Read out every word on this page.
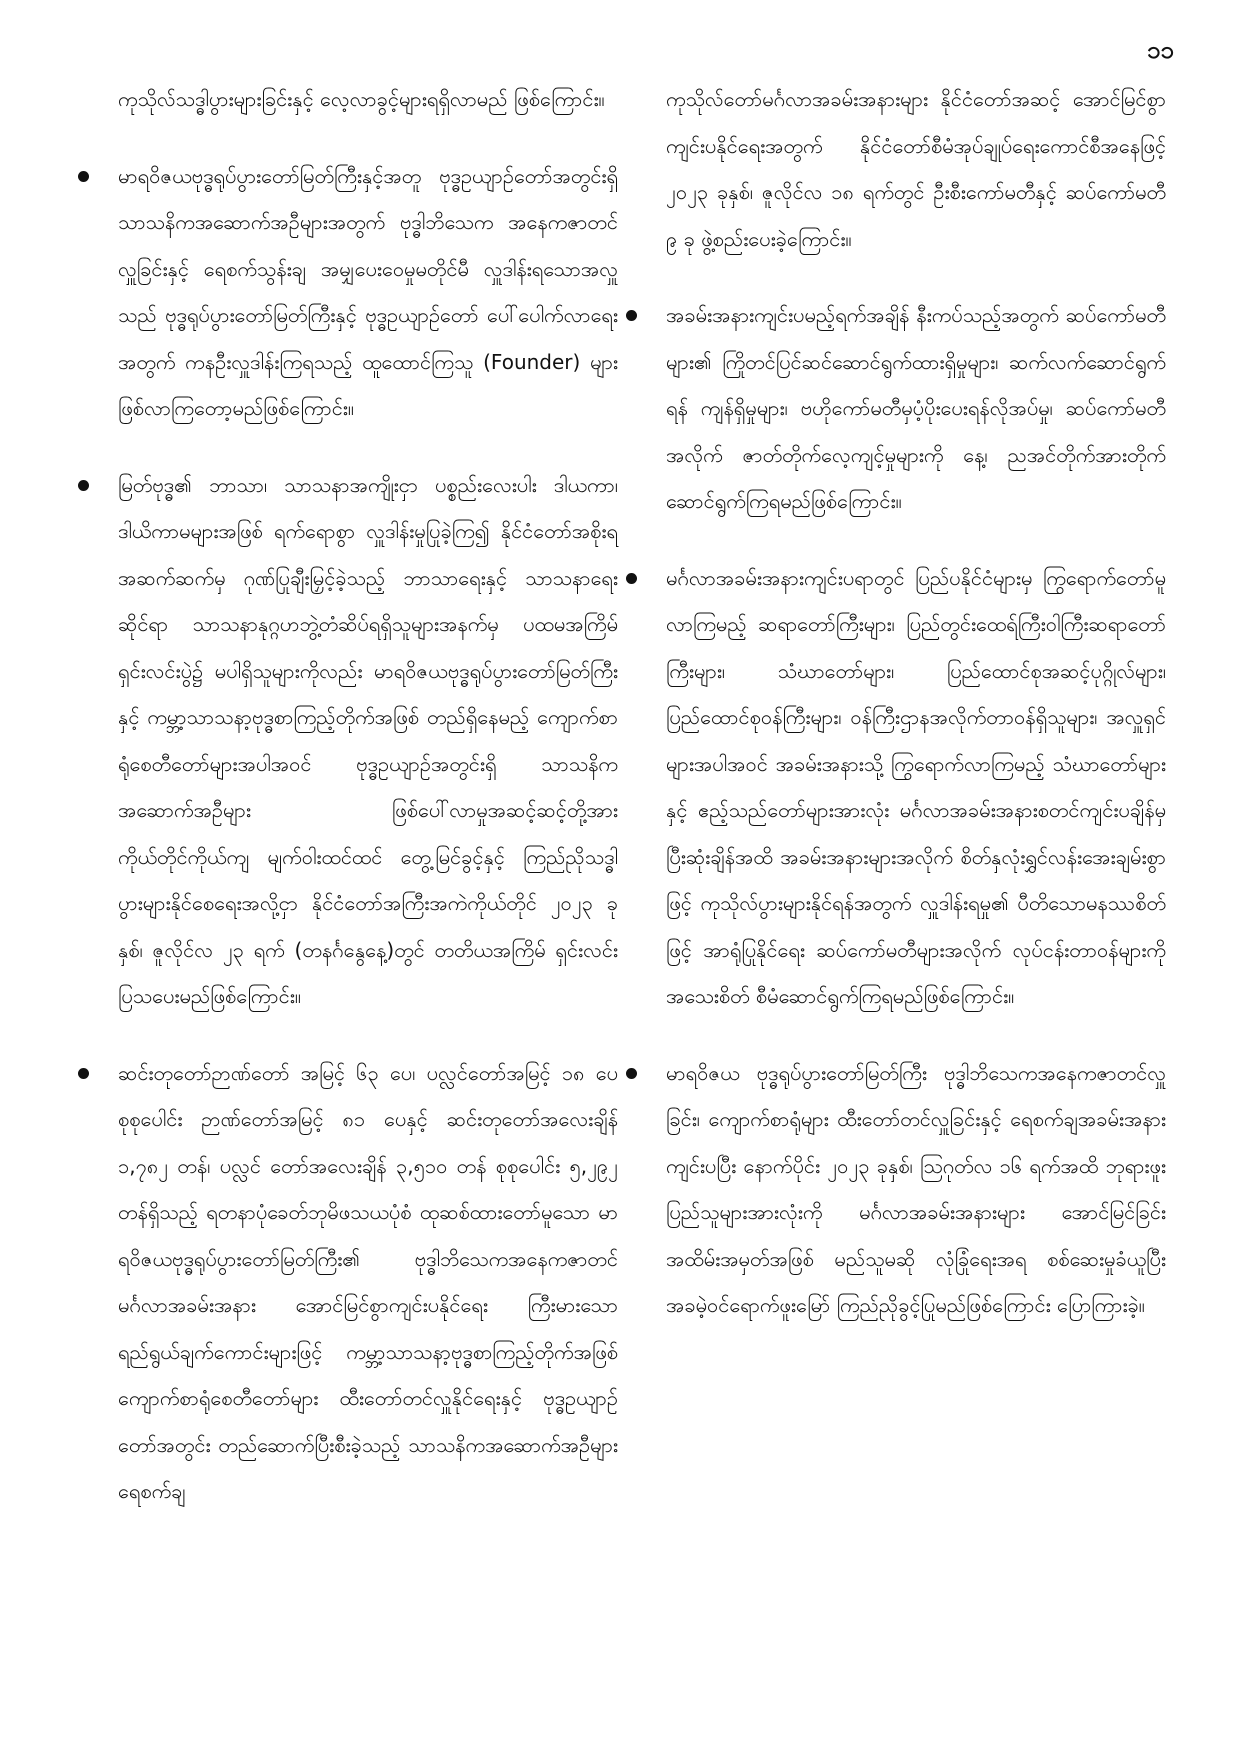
၁၁

ကုသိုလ်သဒ္ဓါပွားများခြင်းနှင့် လေ့လာခွင့်များရရှိလာမည် ဖြစ်ကြောင်း။

မာရဝိဇယဗုဒ္ဓရုပ်ပွားတော်မြတ်ကြီးနှင့်အတူ ဗုဒ္ဓဥယျာဉ်တော်အတွင်းရှိ သာသနိကအဆောက်အဦများအတွက် ဗုဒ္ဓါဘိသေက အနေကဇာတင်လှူခြင်းနှင့် ရေစက်သွန်းချ အမျှပေးဝေမှုမတိုင်မီ လှူဒါန်းရသောအလှူသည် ဗုဒ္ဓရုပ်ပွားတော်မြတ်ကြီးနှင့် ဗုဒ္ဓဥယျာဉ်တော် ပေါ်ပေါက်လာရေးအတွက် ကနဦးလှူဒါန်းကြရသည့် ထူထောင်ကြသူ (Founder) များ ဖြစ်လာကြတော့မည်ဖြစ်ကြောင်း။

မြတ်ဗုဒ္ဓ၏ ဘာသာ၊ သာသနာအကျိုးငှာ ပစ္စည်းလေးပါး ဒါယကာ၊ ဒါယိကာမများအဖြစ် ရက်ရောစွာ လှူဒါန်းမှုပြုခဲ့ကြ၍ နိုင်ငံတော်အစိုးရ အဆက်ဆက်မှ ဂုဏ်ပြုချီးမြှင့်ခဲ့သည့် ဘာသာရေးနှင့် သာသနာရေးဆိုင်ရာ သာသနာနုဂ္ဂဟဘွဲ့တံဆိပ်ရရှိသူများအနက်မှ ပထမအကြိမ် ရှင်းလင်းပွဲ၌ မပါရှိသူများကိုလည်း မာရဝိဇယဗုဒ္ဓရုပ်ပွားတော်မြတ်ကြီးနှင့် ကမ္ဘာ့သာသနာ့ဗုဒ္ဓစာကြည့်တိုက်အဖြစ် တည်ရှိနေမည့် ကျောက်စာရုံစေတီတော်များအပါအဝင် ဗုဒ္ဓဥယျာဉ်အတွင်းရှိ သာသနိကအဆောက်အဦများ ဖြစ်ပေါ်လာမှုအဆင့်ဆင့်တို့အား ကိုယ်တိုင်ကိုယ်ကျ မျက်ဝါးထင်ထင် တွေ့မြင်ခွင့်နှင့် ကြည်ညိုသဒ္ဓါပွားများနိုင်စေရေးအလို့ငှာ နိုင်ငံတော်အကြီးအကဲကိုယ်တိုင် ၂၀၂၃ ခုနှစ်၊ ဇူလိုင်လ ၂၃ ရက် (တနင်္ဂနွေနေ့)တွင် တတိယအကြိမ် ရှင်းလင်းပြသပေးမည်ဖြစ်ကြောင်း။

ဆင်းတုတော်ဉာဏ်တော် အမြင့် ၆၃ ပေ၊ ပလ္လင်တော်အမြင့် ၁၈ ပေ စုစုပေါင်း ဉာဏ်တော်အမြင့် ၈၁ ပေနှင့် ဆင်းတုတော်အလေးချိန် ၁,၇၈၂ တန်၊ ပလ္လင် တော်အလေးချိန် ၃,၅၁၀ တန် စုစုပေါင်း ၅,၂၉၂ တန်ရှိသည့် ရတနာပုံခေတ်ဘုမိဖသယပုံစံ ထုဆစ်ထားတော်မူသော မာရဝိဇယဗုဒ္ဓရုပ်ပွားတော်မြတ်ကြီး၏ ဗုဒ္ဓါဘိသေကအနေကဇာတင် မင်္ဂလာအခမ်းအနား အောင်မြင်စွာကျင်းပနိုင်ရေး ကြီးမားသောရည်ရွယ်ချက်ကောင်းများဖြင့် ကမ္ဘာ့သာသနာ့ဗုဒ္ဓစာကြည့်တိုက်အဖြစ် ကျောက်စာရုံစေတီတော်များ ထီးတော်တင်လှူနိုင်ရေးနှင့် ဗုဒ္ဓဥယျာဉ်တော်အတွင်း တည်ဆောက်ပြီးစီးခဲ့သည့် သာသနိကအဆောက်အဦများ ရေစက်ချ

ကုသိုလ်တော်မင်္ဂလာအခမ်းအနားများ နိုင်ငံတော်အဆင့် အောင်မြင်စွာ ကျင်းပနိုင်ရေးအတွက် နိုင်ငံတော်စီမံအုပ်ချုပ်ရေးကောင်စီအနေဖြင့် ၂၀၂၃ ခုနှစ်၊ ဇူလိုင်လ ၁၈ ရက်တွင် ဦးစီးကော်မတီနှင့် ဆပ်ကော်မတီ ၉ ခု ဖွဲ့စည်းပေးခဲ့ကြောင်း။

အခမ်းအနားကျင်းပမည့်ရက်အချိန် နီးကပ်သည့်အတွက် ဆပ်ကော်မတီများ၏ ကြိုတင်ပြင်ဆင်ဆောင်ရွက်ထားရှိမှုများ၊ ဆက်လက်ဆောင်ရွက်ရန် ကျန်ရှိမှုများ၊ ဗဟိုကော်မတီမှပံ့ပိုးပေးရန်လိုအပ်မှု၊ ဆပ်ကော်မတီအလိုက် ဇာတ်တိုက်လေ့ကျင့်မှုများကို နေ့၊ ညအင်တိုက်အားတိုက် ဆောင်ရွက်ကြရမည်ဖြစ်ကြောင်း။

မင်္ဂလာအခမ်းအနားကျင်းပရာတွင် ပြည်ပနိုင်ငံများမှ ကြွရောက်တော်မူလာကြမည့် ဆရာတော်ကြီးများ၊ ပြည်တွင်းထေရ်ကြီးဝါကြီးဆရာတော်ကြီးများ၊ သံဃာတော်များ၊ ပြည်ထောင်စုအဆင့်ပုဂ္ဂိုလ်များ၊ ပြည်ထောင်စုဝန်ကြီးများ၊ ဝန်ကြီးဌာနအလိုက်တာဝန်ရှိသူများ၊ အလှူရှင်များအပါအဝင် အခမ်းအနားသို့ ကြွရောက်လာကြမည့် သံဃာတော်များနှင့် ဧည့်သည်တော်များအားလုံး မင်္ဂလာအခမ်းအနားစတင်ကျင်းပချိန်မှ ပြီးဆုံးချိန်အထိ အခမ်းအနားများအလိုက် စိတ်နှလုံးရွှင်လန်းအေးချမ်းစွာဖြင့် ကုသိုလ်ပွားများနိုင်ရန်အတွက် လှူဒါန်းရမှု၏ ပီတိသောမနဿစိတ်ဖြင့် အာရုံပြုနိုင်ရေး ဆပ်ကော်မတီများအလိုက် လုပ်ငန်းတာဝန်များကို အသေးစိတ် စီမံဆောင်ရွက်ကြရမည်ဖြစ်ကြောင်း။

မာရဝိဇယ ဗုဒ္ဓရုပ်ပွားတော်မြတ်ကြီး ဗုဒ္ဓါဘိသေကအနေကဇာတင်လှူခြင်း၊ ကျောက်စာရုံများ ထီးတော်တင်လှူခြင်းနှင့် ရေစက်ချအခမ်းအနား ကျင်းပပြီး နောက်ပိုင်း ၂၀၂၃ ခုနှစ်၊ ဩဂုတ်လ ၁၆ ရက်အထိ ဘုရားဖူးပြည်သူများအားလုံးကို မင်္ဂလာအခမ်းအနားများ အောင်မြင်ခြင်းအထိမ်းအမှတ်အဖြစ် မည်သူမဆို လုံခြုံရေးအရ စစ်ဆေးမှုခံယူပြီး အခမဲ့ဝင်ရောက်ဖူးမြော် ကြည်ညိုခွင့်ပြုမည်ဖြစ်ကြောင်း ပြောကြားခဲ့။
